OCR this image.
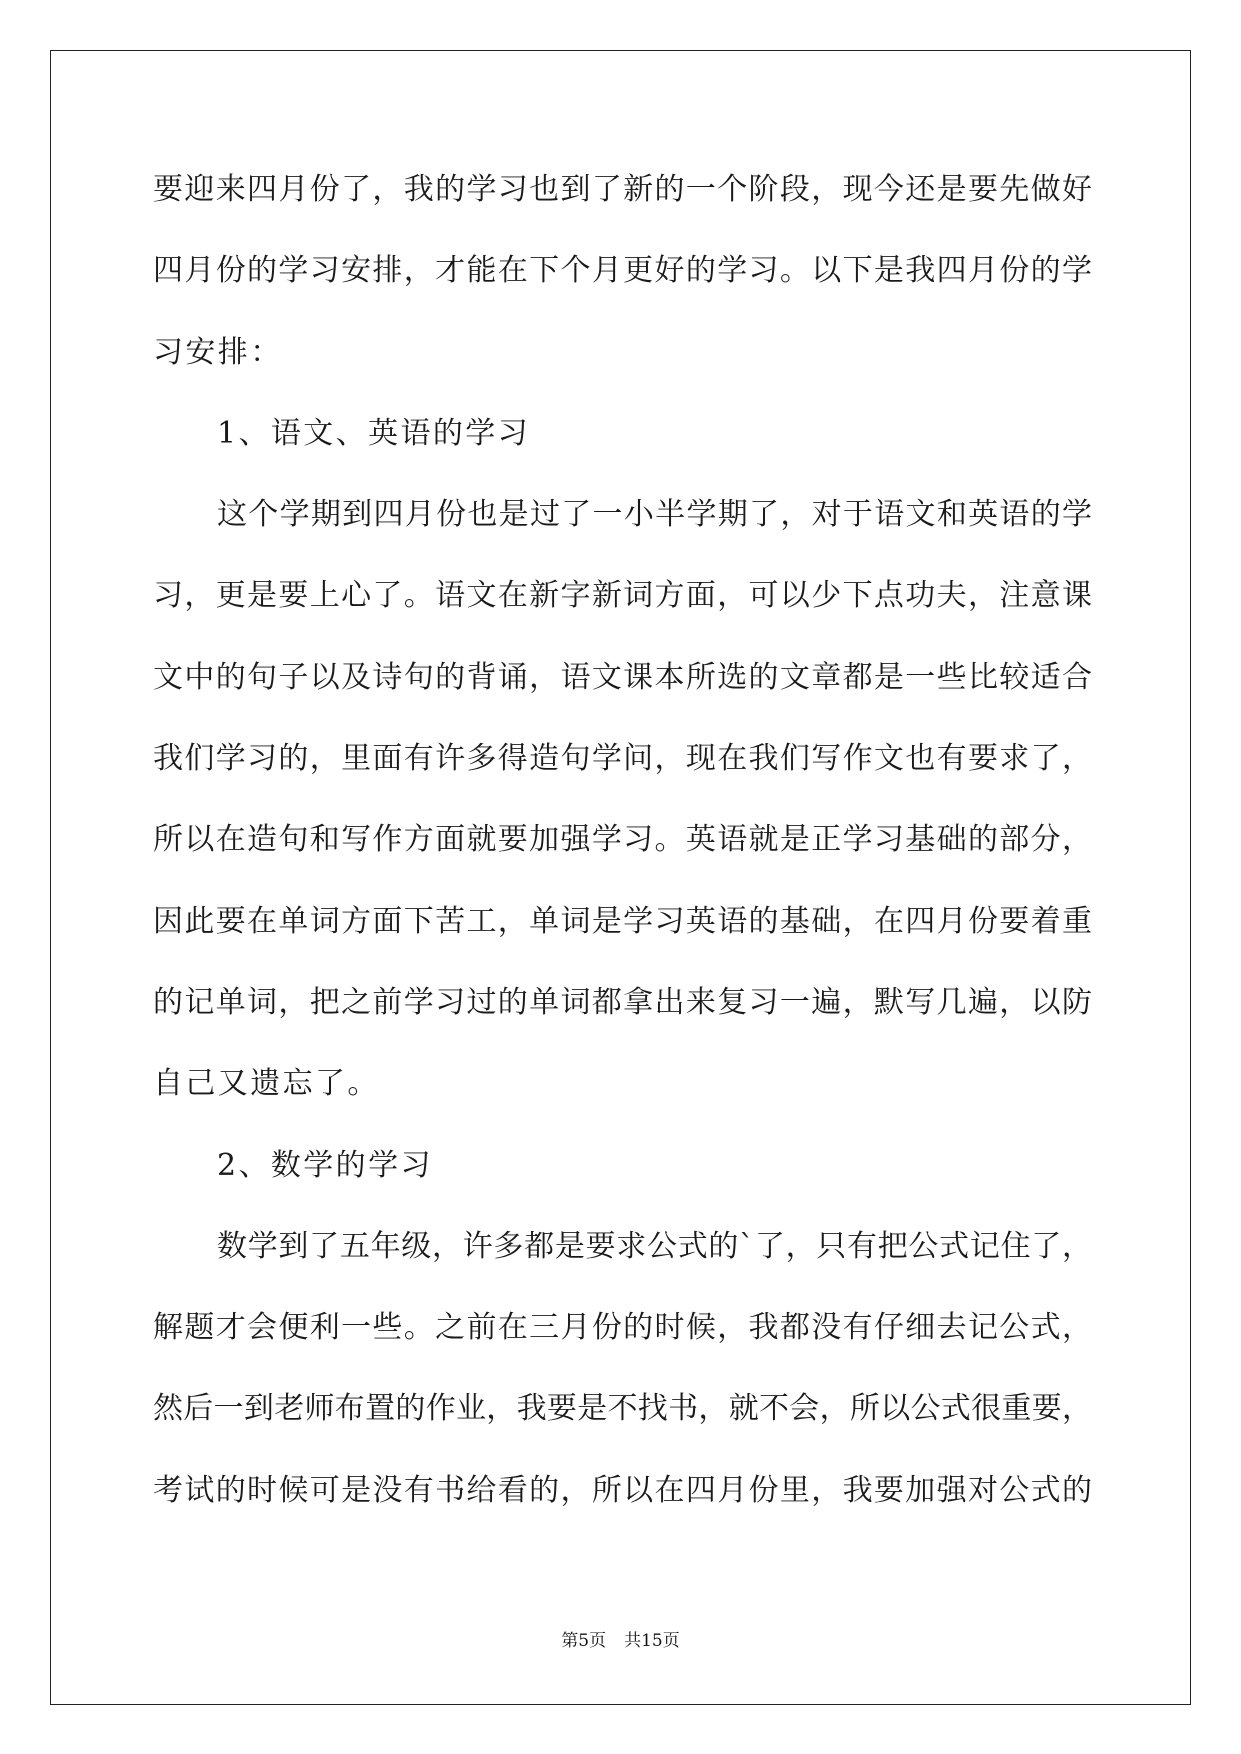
要迎来四月份了，我的学习也到了新的一个阶段，现今还是要先做好
四月份的学习安排，才能在下个月更好的学习。以下是我四月份的学
习安排：
1、语文、英语的学习
这个学期到四月份也是过了一小半学期了，对于语文和英语的学
习，更是要上心了。语文在新字新词方面，可以少下点功夫，注意课
文中的句子以及诗句的背诵，语文课本所选的文章都是一些比较适合
我们学习的，里面有许多得造句学问，现在我们写作文也有要求了，
所以在造句和写作方面就要加强学习。英语就是正学习基础的部分，
因此要在单词方面下苦工，单词是学习英语的基础，在四月份要着重
的记单词，把之前学习过的单词都拿出来复习一遍，默写几遍，以防
自己又遗忘了。
2、数学的学习
数学到了五年级，许多都是要求公式的`了，只有把公式记住了，
解题才会便利一些。之前在三月份的时候，我都没有仔细去记公式，
然后一到老师布置的作业，我要是不找书，就不会，所以公式很重要，
考试的时候可是没有书给看的，所以在四月份里，我要加强对公式的
第5页 共15页
